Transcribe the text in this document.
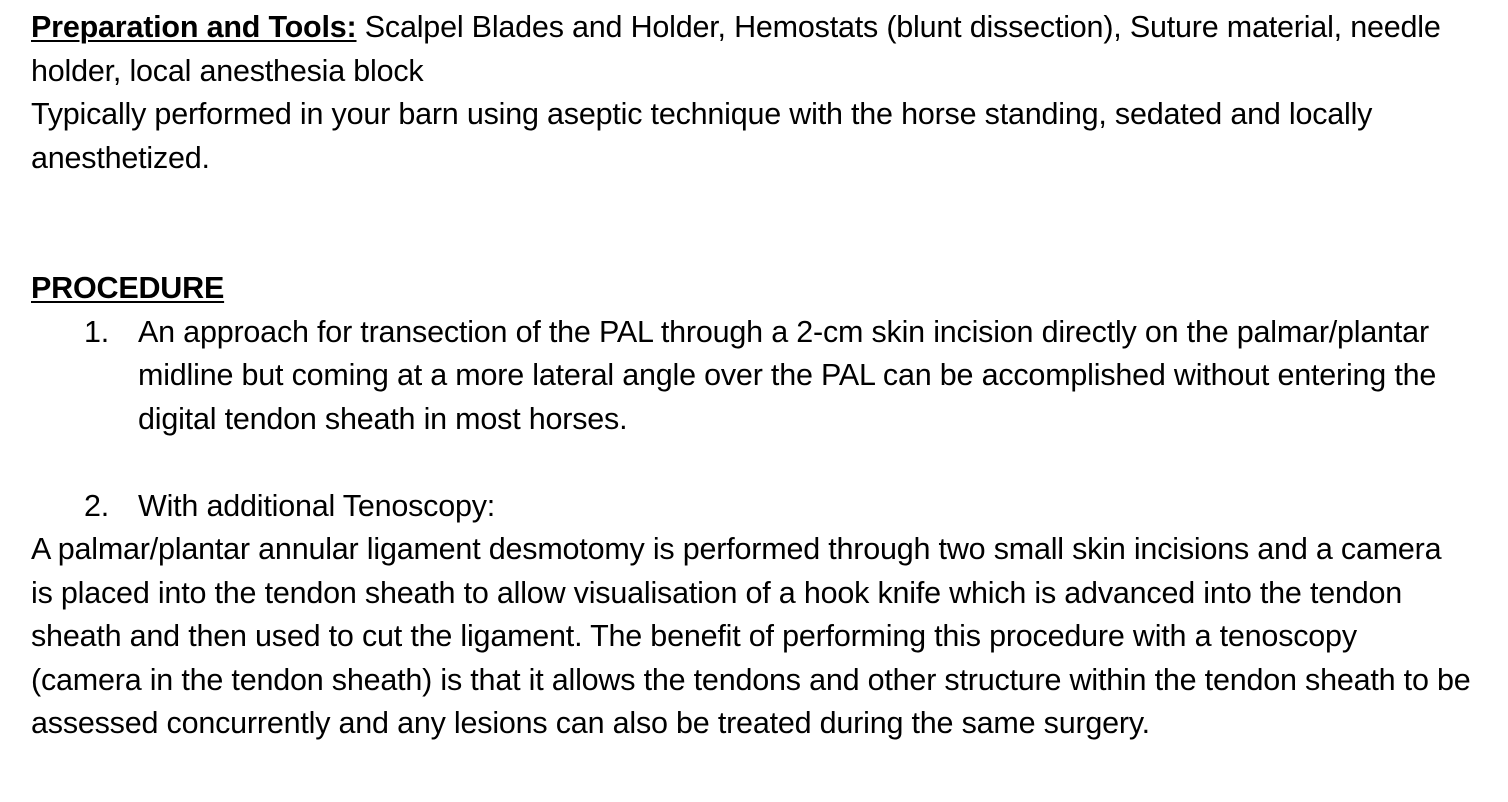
Preparation and Tools: Scalpel Blades and Holder, Hemostats (blunt dissection), Suture material, needle holder, local anesthesia block

Typically performed in your barn using aseptic technique with the horse standing, sedated and locally anesthetized.

PROCEDURE

1. An approach for transection of the PAL through a 2-cm skin incision directly on the palmar/plantar midline but coming at a more lateral angle over the PAL can be accomplished without entering the digital tendon sheath in most horses.
2. With additional Tenoscopy:

A palmar/plantar annular ligament desmotomy is performed through two small skin incisions and a camera is placed into the tendon sheath to allow visualisation of a hook knife which is advanced into the tendon sheath and then used to cut the ligament. The benefit of performing this procedure with a tenoscopy (camera in the tendon sheath) is that it allows the tendons and other structure within the tendon sheath to be assessed concurrently and any lesions can also be treated during the same surgery.
